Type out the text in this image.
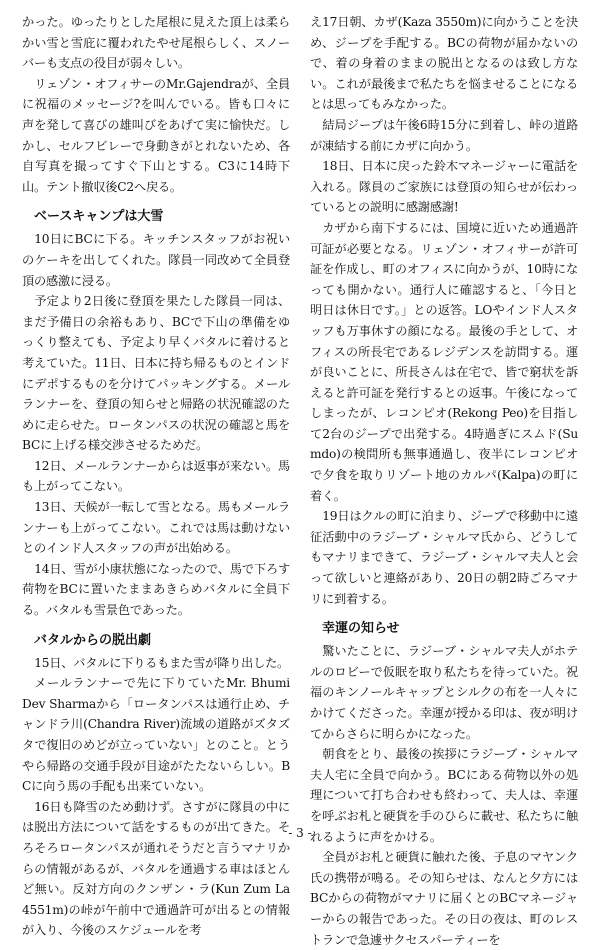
かった。ゆったりとした尾根に見えた頂上は柔らかい雪と雪庇に覆われたやせ尾根らしく、スノーバーも支点の役目が弱々しい。

リェゾン・オフィサーのMr.Gajendraが、全員に祝福のメッセージ?を叫んでいる。皆も口々に声を発して喜びの雄叫びをあげて実に愉快だ。しかし、セルフビレーで身動きがとれないため、各自写真を撮ってすぐ下山とする。C3に14時下山。テント撤収後C2へ戻る。

ベースキャンプは大雪

10日にBCに下る。キッチンスタッフがお祝いのケーキを出してくれた。隊員一同改めて全員登頂の感激に浸る。

予定より2日後に登頂を果たした隊員一同は、まだ予備日の余裕もあり、BCで下山の準備をゆっくり整えても、予定より早くバタルに着けると考えていた。11日、日本に持ち帰るものとインドにデポするものを分けてパッキングする。メールランナーを、登頂の知らせと帰路の状況確認のために走らせた。ロータンパスの状況の確認と馬をBCに上げる様交渉させるためだ。

12日、メールランナーからは返事が来ない。馬も上がってこない。

13日、天候が一転して雪となる。馬もメールランナーも上がってこない。これでは馬は動けないとのインド人スタッフの声が出始める。

14日、雪が小康状態になったので、馬で下ろす荷物をBCに置いたままあきらめバタルに全員下る。バタルも雪景色であった。

バタルからの脱出劇

15日、バタルに下りるもまた雪が降り出した。

メールランナーで先に下りていたMr. Bhumi Dev Sharmaから「ロータンパスは通行止め、チャンドラ川(Chandra River)流域の道路がズタズタで復旧のめどが立っていない」とのこと。とうやら帰路の交通手段が目途がたたないらしい。BCに向う馬の手配も出来ていない。

16日も降雪のため動けず。さすがに隊員の中には脱出方法について話をするものが出てきた。そろそろロータンパスが通れそうだと言うマナリからの情報があるが、バタルを通過する車はほとんど無い。反対方向のクンザン・ラ(Kun Zum La 4551m)の峠が午前中で通過許可が出るとの情報が入り、今後のスケジュールを考

え17日朝、カザ(Kaza 3550m)に向かうことを決め、ジープを手配する。BCの荷物が届かないので、着の身着のままの脱出となるのは致し方ない。これが最後まで私たちを悩ませることになるとは思ってもみなかった。

結局ジープは午後6時15分に到着し、峠の道路が凍結する前にカザに向かう。

18日、日本に戻った鈴木マネージャーに電話を入れる。隊員のご家族には登頂の知らせが伝わっているとの説明に感謝感謝!

カザから南下するには、国境に近いため通過許可証が必要となる。リェゾン・オフィサーが許可証を作成し、町のオフィスに向かうが、10時になっても開かない。通行人に確認すると、「今日と明日は休日です。」との返答。LOやインド人スタッフも万事休すの顔になる。最後の手として、オフィスの所長宅であるレジデンスを訪問する。運が良いことに、所長さんは在宅で、皆で窮状を訴えると許可証を発行するとの返事。午後になってしまったが、レコンピオ(Rekong Peo)を目指して2台のジープで出発する。4時過ぎにスムド(Sumdo)の検問所も無事通過し、夜半にレコンピオで夕食を取りリゾート地のカルパ(Kalpa)の町に着く。

19日はクルの町に泊まり、ジープで移動中に遠征活動中のラジーブ・シャルマ氏から、どうしてもマナリまできて、ラジーブ・シャルマ夫人と会って欲しいと連絡があり、20日の朝2時ごろマナリに到着する。

幸運の知らせ

驚いたことに、ラジーブ・シャルマ夫人がホテルのロビーで仮眠を取り私たちを待っていた。祝福のキンノールキャップとシルクの布を一人々にかけてくださった。幸運が授かる印は、夜が明けてからさらに明らかになった。

朝食をとり、最後の挨拶にラジーブ・シャルマ夫人宅に全員で向かう。BCにある荷物以外の処理について打ち合わせも終わって、夫人は、幸運を呼ぶお札と硬貨を手のひらに載せ、私たちに触れるように声をかける。

全員がお札と硬貨に触れた後、子息のマヤンク氏の携帯が鳴る。その知らせは、なんと夕方にはBCからの荷物がマナリに届くとのBCマネージャーからの報告であった。その日の夜は、町のレストランで急遽サクセスパーティーを

- 3 -
